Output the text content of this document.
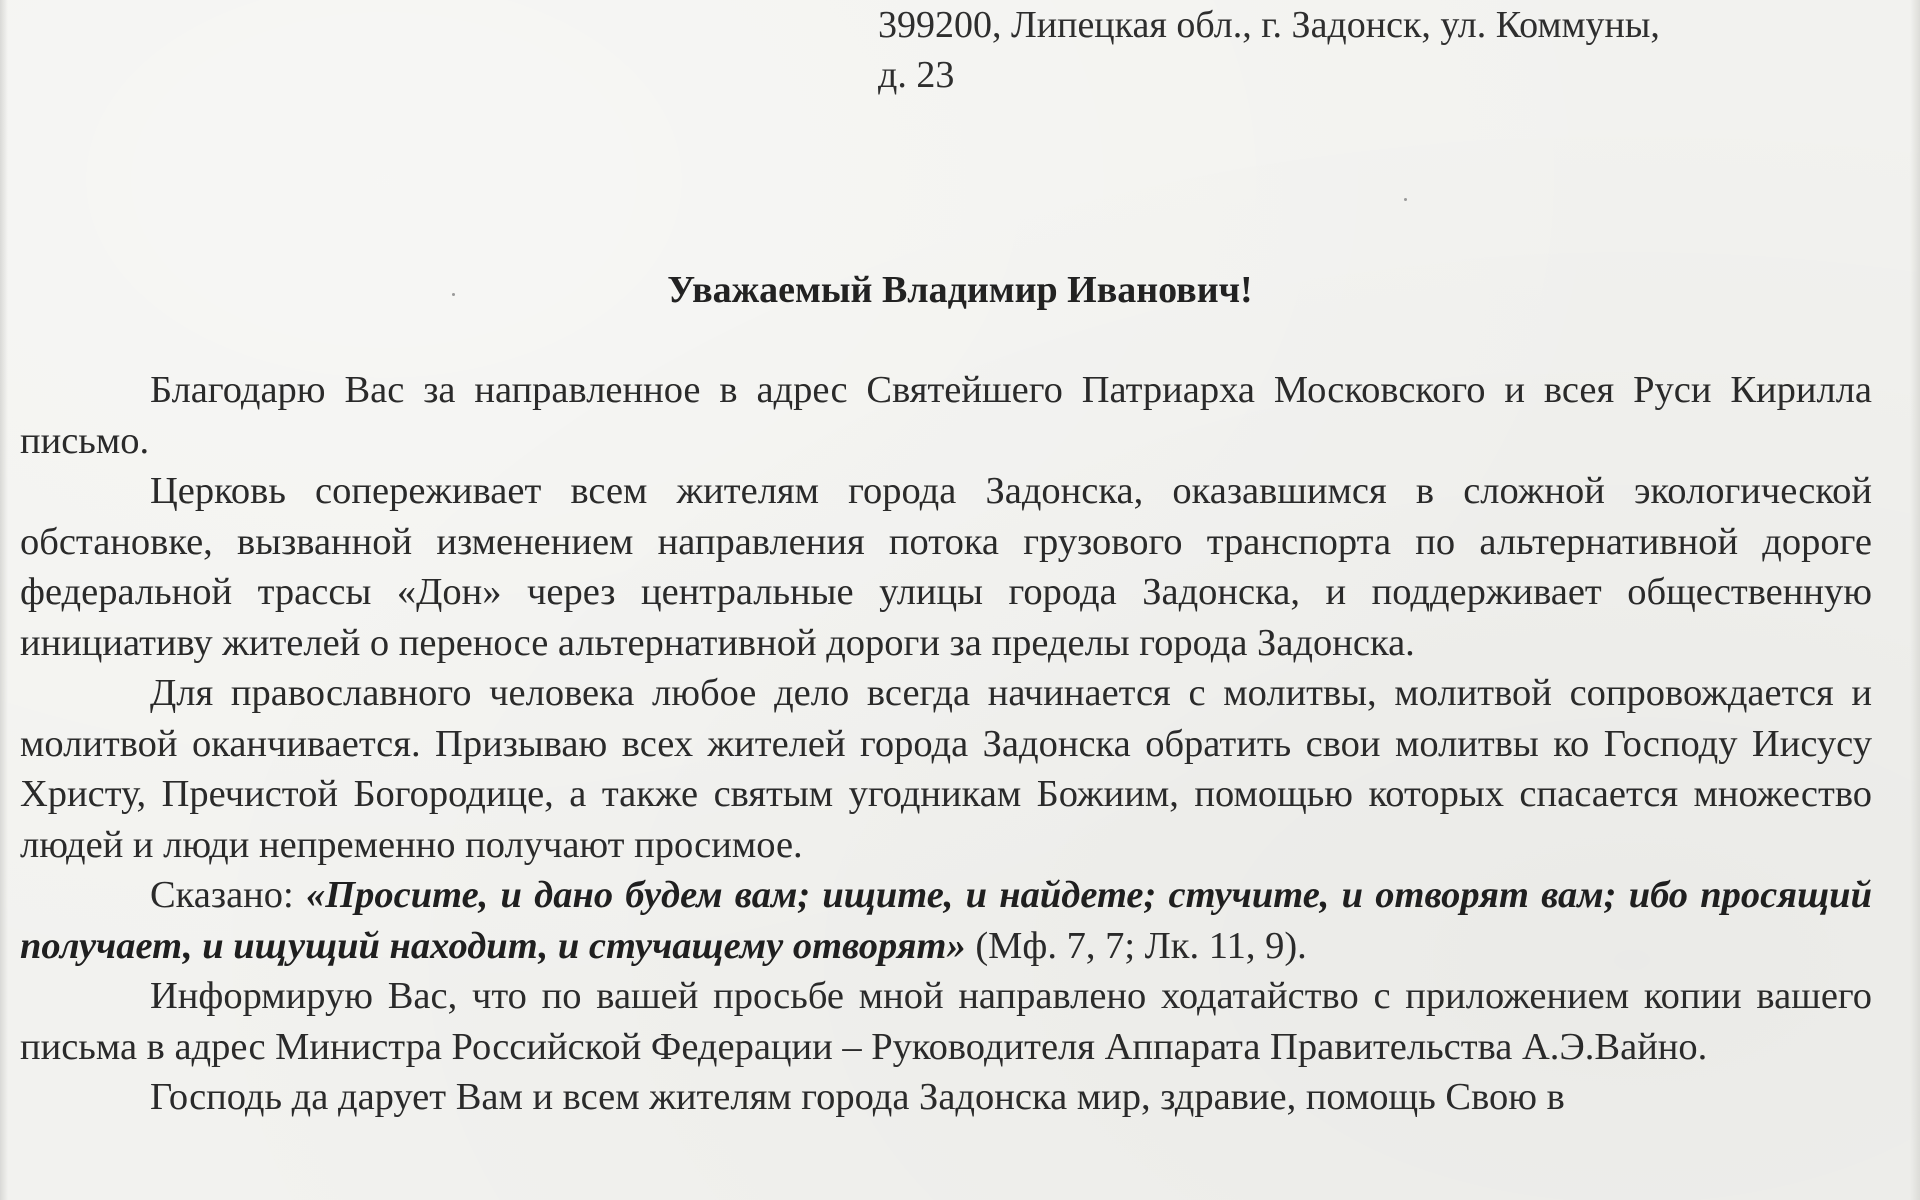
399200, Липецкая обл., г. Задонск, ул. Коммуны,
д. 23
Уважаемый Владимир Иванович!

Благодарю Вас за направленное в адрес Святейшего Патриарха Московского и всея Руси Кирилла письмо.

Церковь сопереживает всем жителям города Задонска, оказавшимся в сложной экологической обстановке, вызванной изменением направления потока грузового транспорта по альтернативной дороге федеральной трассы «Дон» через центральные улицы города Задонска, и поддерживает общественную инициативу жителей о переносе альтернативной дороги за пределы города Задонска.

Для православного человека любое дело всегда начинается с молитвы, молитвой сопровождается и молитвой оканчивается. Призываю всех жителей города Задонска обратить свои молитвы ко Господу Иисусу Христу, Пречистой Богородице, а также святым угодникам Божиим, помощью которых спасается множество людей и люди непременно получают просимое.

Сказано: «Просите, и дано будем вам; ищите, и найдете; стучите, и отворят вам; ибо просящий получает, и ищущий находит, и стучащему отворят» (Мф. 7, 7; Лк. 11, 9).

Информирую Вас, что по вашей просьбе мной направлено ходатайство с приложением копии вашего письма в адрес Министра Российской Федерации – Руководителя Аппарата Правительства А.Э.Вайно.

Господь да дарует Вам и всем жителям города Задонска мир, здравие, помощь Свою в
